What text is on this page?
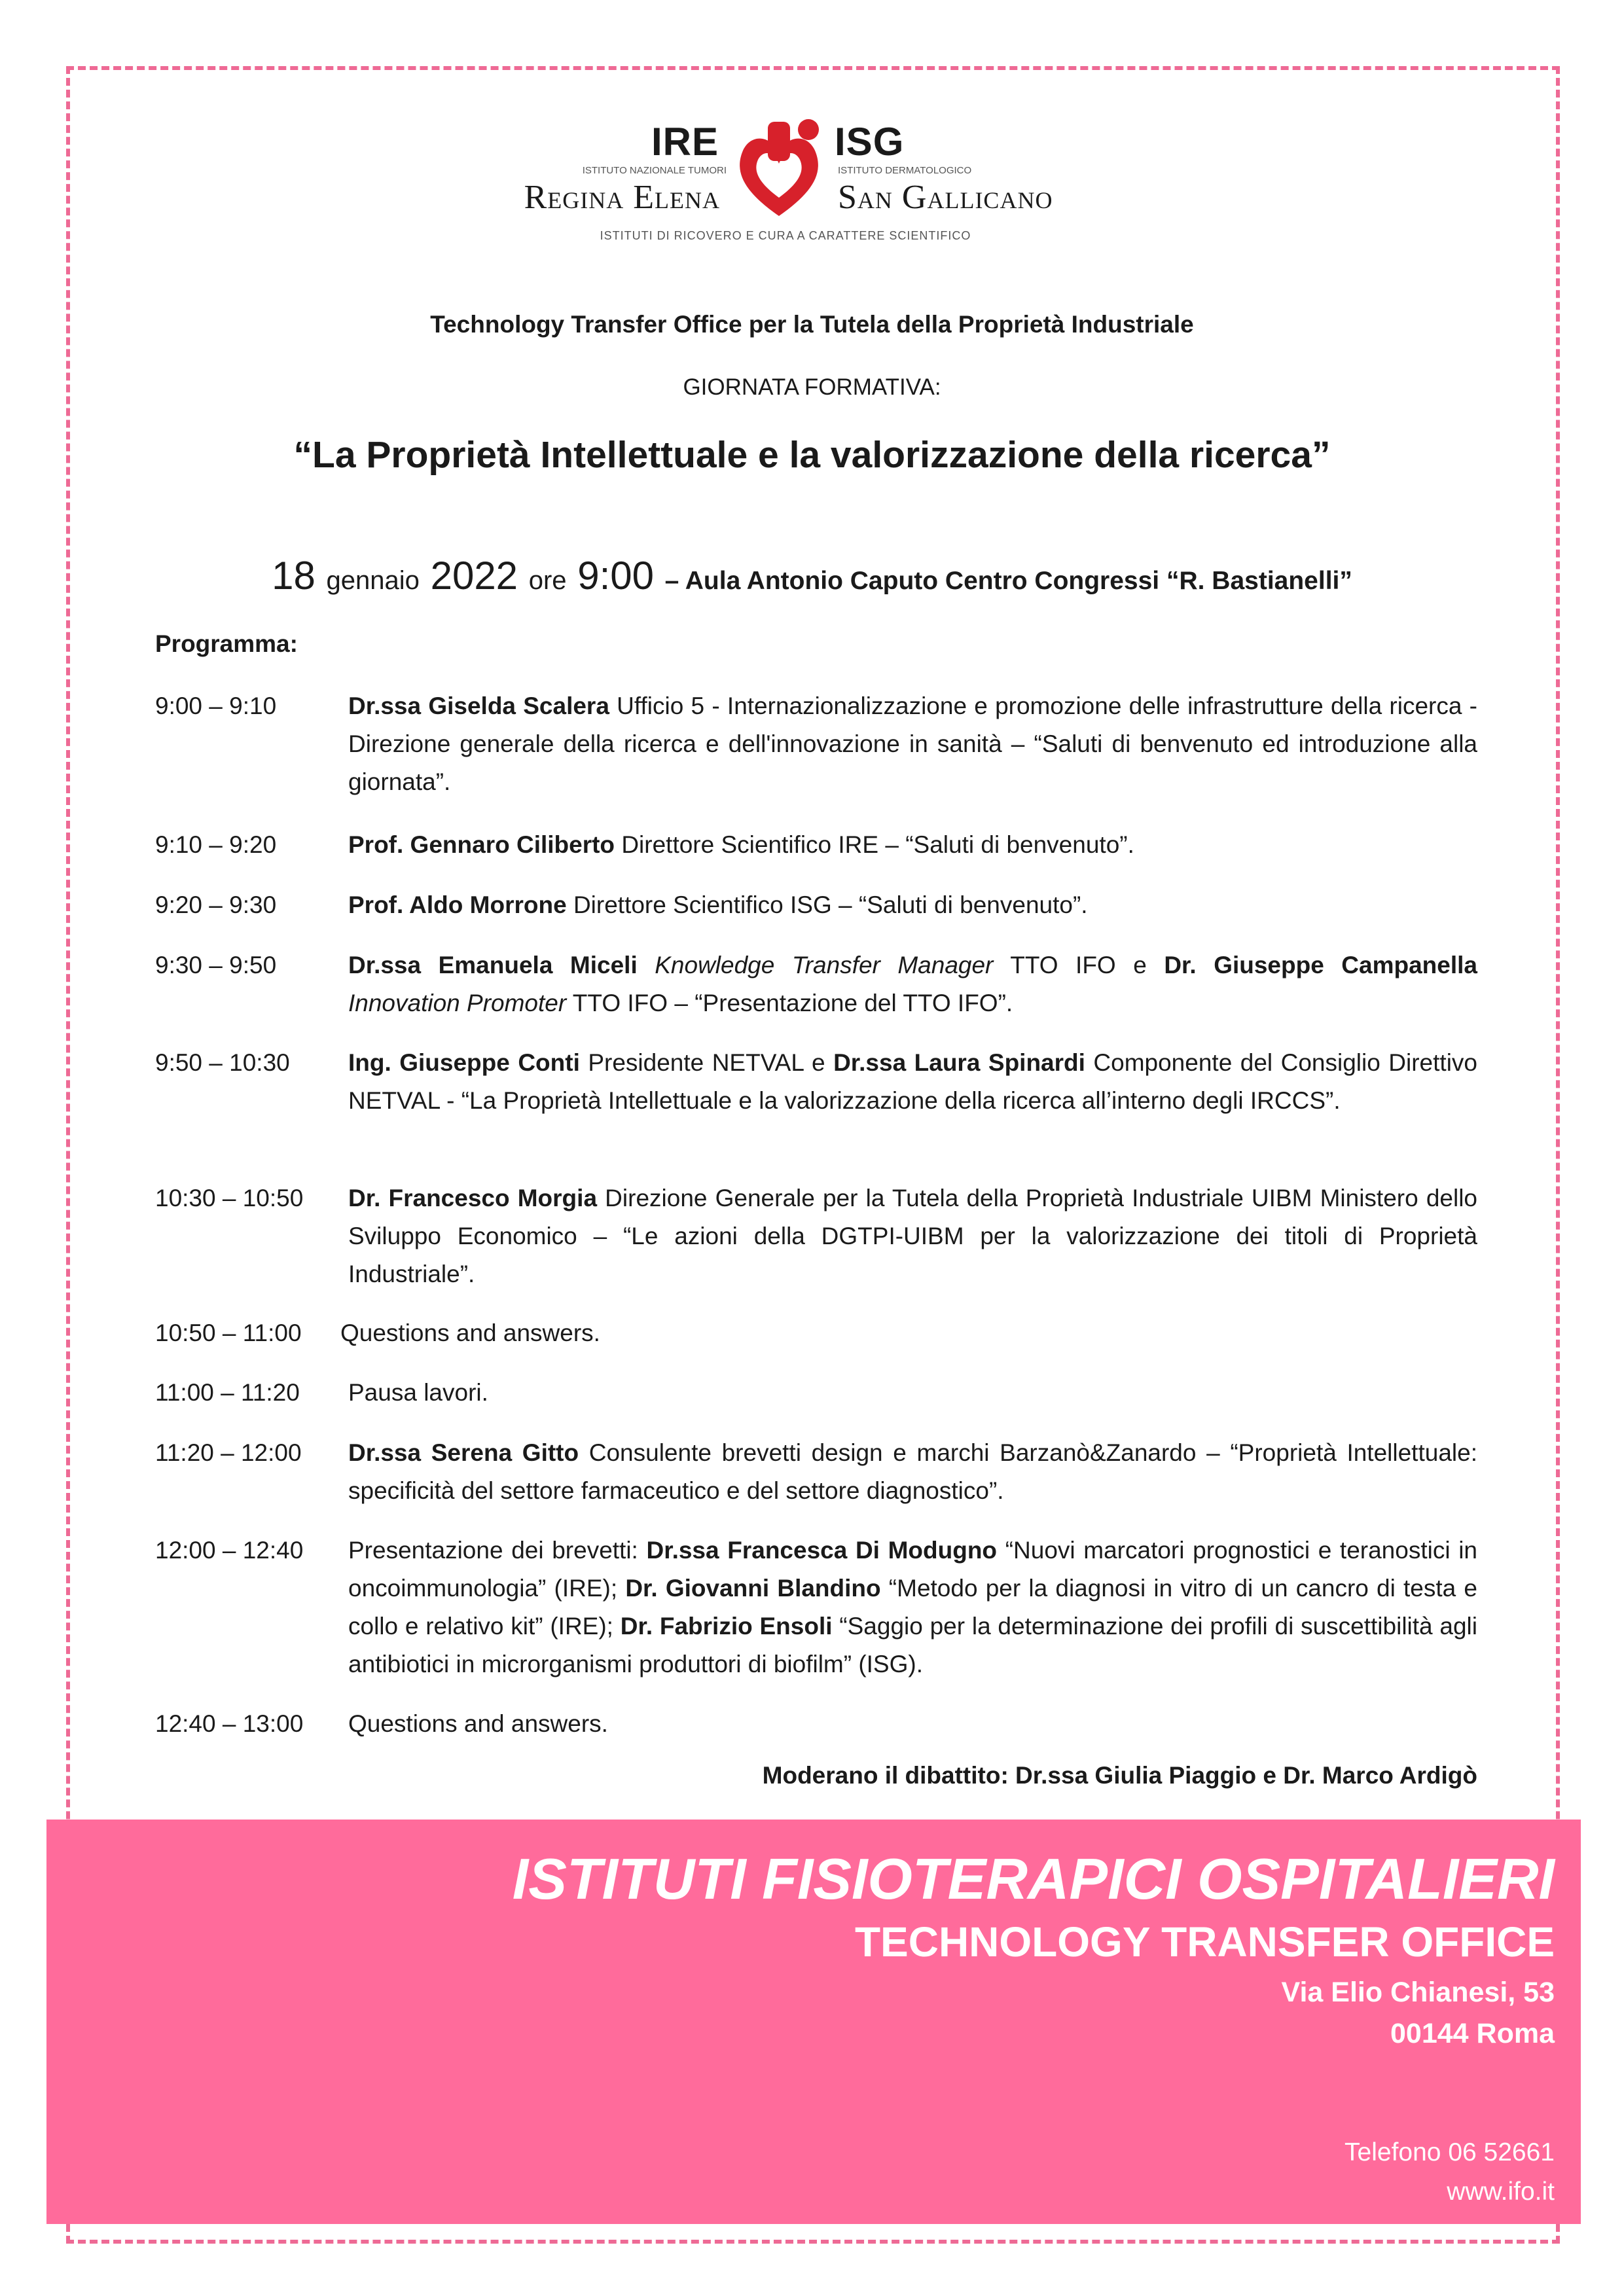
IRE
ISTITUTO NAZIONALE TUMORI
Regina Elena
ISG
ISTITUTO DERMATOLOGICO
San Gallicano
ISTITUTI DI RICOVERO E CURA A CARATTERE SCIENTIFICO
Technology Transfer Office per la Tutela della Proprietà Industriale
GIORNATA FORMATIVA:
“La Proprietà Intellettuale e la valorizzazione della ricerca”
18 gennaio 2022 ore 9:00 – Aula Antonio Caputo Centro Congressi “R. Bastianelli”
Programma:
9:00 – 9:10	Dr.ssa Giselda Scalera Ufficio 5 - Internazionalizzazione e promozione delle infrastrutture della ricerca - Direzione generale della ricerca e dell'innovazione in sanità – “Saluti di benvenuto ed introduzione alla giornata”.
9:10 – 9:20	Prof. Gennaro Ciliberto Direttore Scientifico IRE – “Saluti di benvenuto”.
9:20 – 9:30	Prof. Aldo Morrone Direttore Scientifico ISG – “Saluti di benvenuto”.
9:30 – 9:50	Dr.ssa Emanuela Miceli Knowledge Transfer Manager TTO IFO e Dr. Giuseppe Campanella Innovation Promoter TTO IFO – “Presentazione del TTO IFO”.
9:50 – 10:30	Ing. Giuseppe Conti Presidente NETVAL e Dr.ssa Laura Spinardi Componente del Consiglio Direttivo NETVAL - “La Proprietà Intellettuale e la valorizzazione della ricerca all’interno degli IRCCS”.
10:30 – 10:50	Dr. Francesco Morgia Direzione Generale per la Tutela della Proprietà Industriale UIBM Ministero dello Sviluppo Economico – “Le azioni della DGTPI-UIBM per la valorizzazione dei titoli di Proprietà Industriale”.
10:50 – 11:00	Questions and answers.
11:00 – 11:20	Pausa lavori.
11:20 – 12:00	Dr.ssa Serena Gitto Consulente brevetti design e marchi Barzanò&Zanardo – “Proprietà Intellettuale: specificità del settore farmaceutico e del settore diagnostico”.
12:00 – 12:40	Presentazione dei brevetti: Dr.ssa Francesca Di Modugno “Nuovi marcatori prognostici e teranostici in oncoimmunologia” (IRE); Dr. Giovanni Blandino “Metodo per la diagnosi in vitro di un cancro di testa e collo e relativo kit” (IRE); Dr. Fabrizio Ensoli “Saggio per la determinazione dei profili di suscettibilità agli antibiotici in microrganismi produttori di biofilm” (ISG).
12:40 – 13:00	Questions and answers.
Moderano il dibattito: Dr.ssa Giulia Piaggio e Dr. Marco Ardigò
ISTITUTI FISIOTERAPICI OSPITALIERI
TECHNOLOGY TRANSFER OFFICE
Via Elio Chianesi, 53
00144 Roma
Telefono 06 52661
www.ifo.it
